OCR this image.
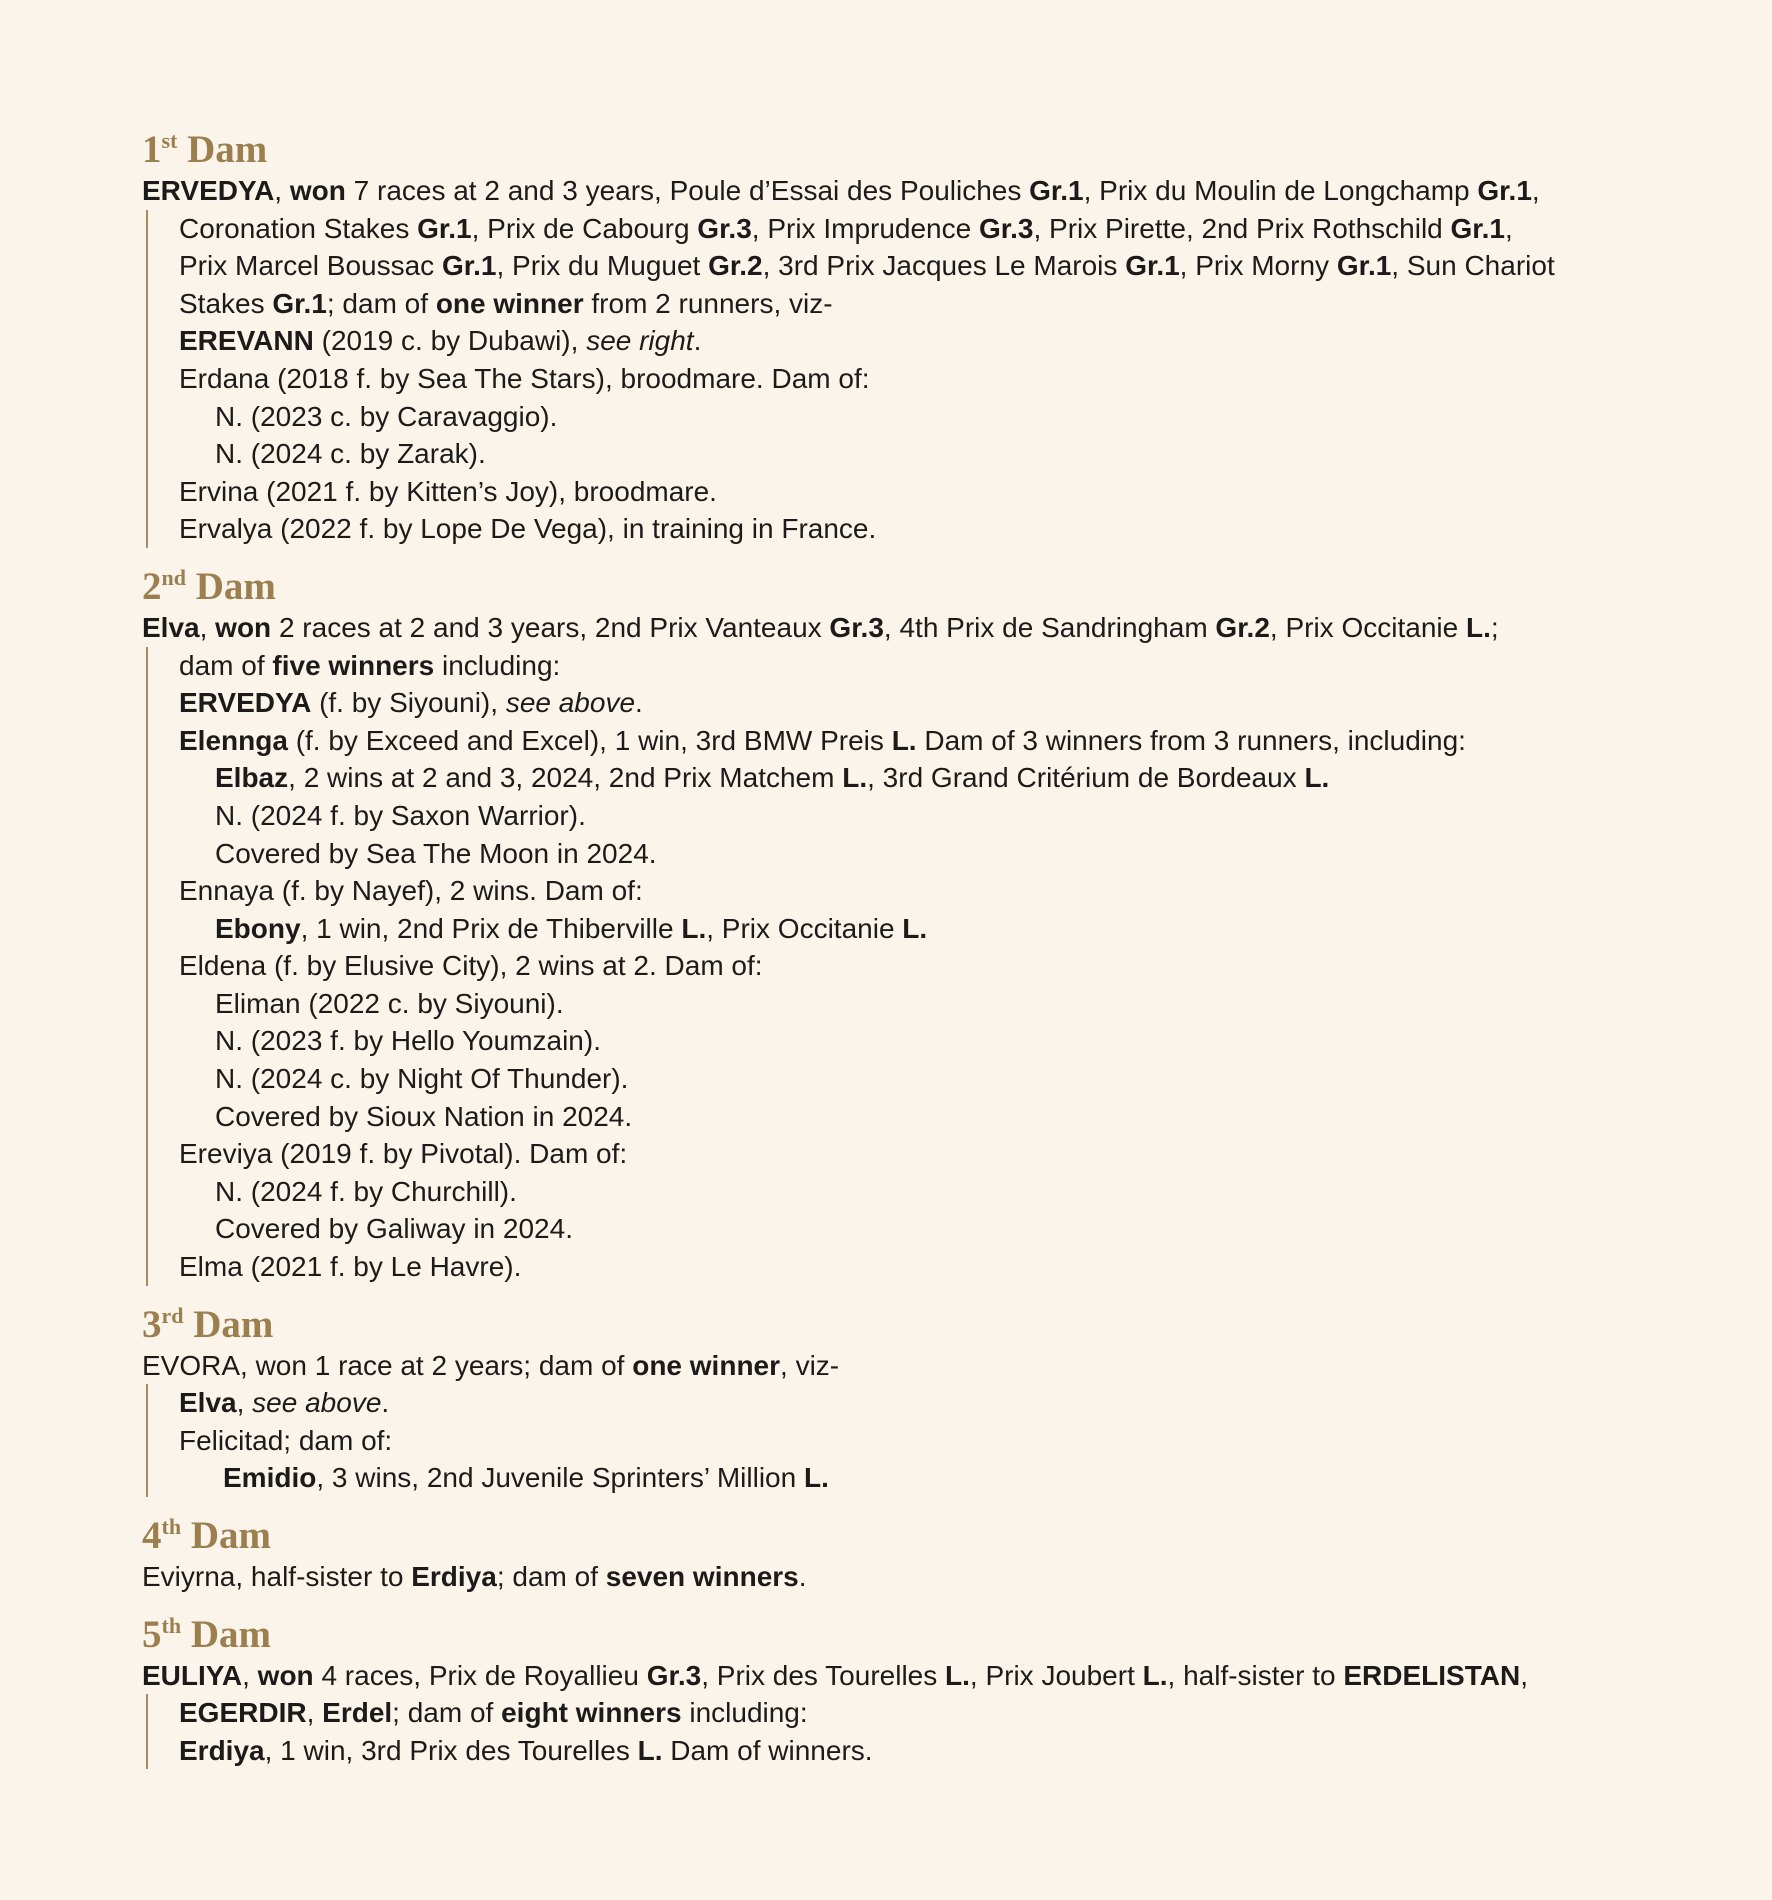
1st Dam
ERVEDYA, won 7 races at 2 and 3 years, Poule d’Essai des Pouliches Gr.1, Prix du Moulin de Longchamp Gr.1,
Coronation Stakes Gr.1, Prix de Cabourg Gr.3, Prix Imprudence Gr.3, Prix Pirette, 2nd Prix Rothschild Gr.1,
Prix Marcel Boussac Gr.1, Prix du Muguet Gr.2, 3rd Prix Jacques Le Marois Gr.1, Prix Morny Gr.1, Sun Chariot
Stakes Gr.1; dam of one winner from 2 runners, viz-
EREVANN (2019 c. by Dubawi), see right.
Erdana (2018 f. by Sea The Stars), broodmare. Dam of:
N. (2023 c. by Caravaggio).
N. (2024 c. by Zarak).
Ervina (2021 f. by Kitten’s Joy), broodmare.
Ervalya (2022 f. by Lope De Vega), in training in France.
2nd Dam
Elva, won 2 races at 2 and 3 years, 2nd Prix Vanteaux Gr.3, 4th Prix de Sandringham Gr.2, Prix Occitanie L.;
dam of five winners including:
ERVEDYA (f. by Siyouni), see above.
Elennga (f. by Exceed and Excel), 1 win, 3rd BMW Preis L. Dam of 3 winners from 3 runners, including:
Elbaz, 2 wins at 2 and 3, 2024, 2nd Prix Matchem L., 3rd Grand Critérium de Bordeaux L.
N. (2024 f. by Saxon Warrior).
Covered by Sea The Moon in 2024.
Ennaya (f. by Nayef), 2 wins. Dam of:
Ebony, 1 win, 2nd Prix de Thiberville L., Prix Occitanie L.
Eldena (f. by Elusive City), 2 wins at 2. Dam of:
Eliman (2022 c. by Siyouni).
N. (2023 f. by Hello Youmzain).
N. (2024 c. by Night Of Thunder).
Covered by Sioux Nation in 2024.
Ereviya (2019 f. by Pivotal). Dam of:
N. (2024 f. by Churchill).
Covered by Galiway in 2024.
Elma (2021 f. by Le Havre).
3rd Dam
EVORA, won 1 race at 2 years; dam of one winner, viz-
Elva, see above.
Felicitad; dam of:
Emidio, 3 wins, 2nd Juvenile Sprinters’ Million L.
4th Dam
Eviyrna, half-sister to Erdiya; dam of seven winners.
5th Dam
EULIYA, won 4 races, Prix de Royallieu Gr.3, Prix des Tourelles L., Prix Joubert L., half-sister to ERDELISTAN,
EGERDIR, Erdel; dam of eight winners including:
Erdiya, 1 win, 3rd Prix des Tourelles L. Dam of winners.
